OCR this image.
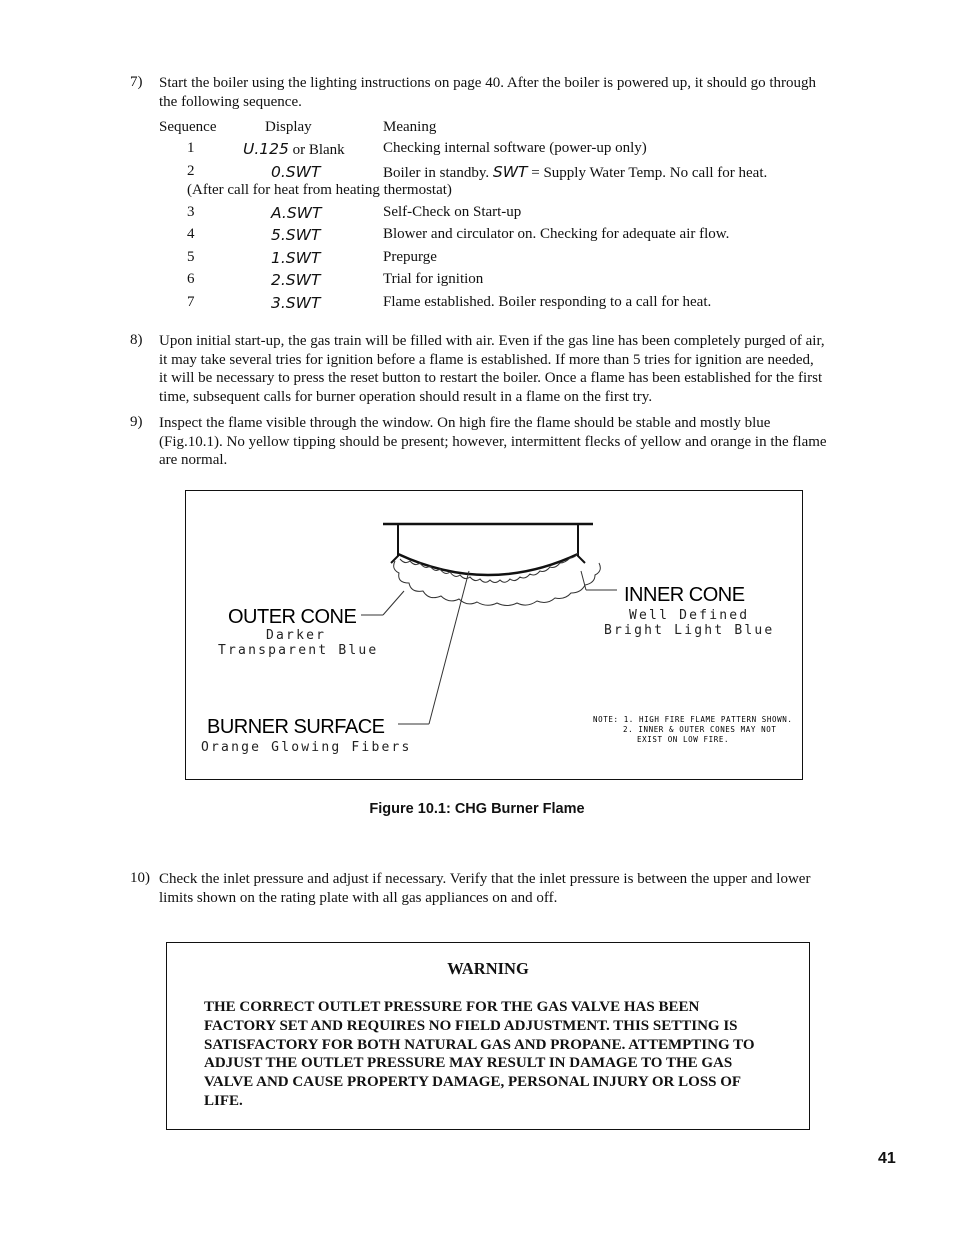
7) Start the boiler using the lighting instructions on page 40. After the boiler is powered up, it should go through
the following sequence.
Sequence	Display	Meaning
1	U.125 or Blank	Checking internal software (power-up only)
2	0.SWT	Boiler in standby. SWT = Supply Water Temp. No call for heat.
(After call for heat from heating thermostat)
3	A.SWT	Self-Check on Start-up
4	5.SWT	Blower and circulator on. Checking for adequate air flow.
5	1.SWT	Prepurge
6	2.SWT	Trial for ignition
7	3.SWT	Flame established. Boiler responding to a call for heat.
8) Upon initial start-up, the gas train will be filled with air. Even if the gas line has been completely purged of air,
it may take several tries for ignition before a flame is established. If more than 5 tries for ignition are needed,
it will be necessary to press the reset button to restart the boiler. Once a flame has been established for the first
time, subsequent calls for burner operation should result in a flame on the first try.
9) Inspect the flame visible through the window. On high fire the flame should be stable and mostly blue
(Fig.10.1). No yellow tipping should be present; however, intermittent flecks of yellow and orange in the flame
are normal.
INNER CONE
Well Defined
Bright Light Blue
OUTER CONE
Darker
Transparent Blue
BURNER SURFACE
Orange Glowing Fibers
NOTE: 1. HIGH FIRE FLAME PATTERN SHOWN.
2. INNER & OUTER CONES MAY NOT
EXIST ON LOW FIRE.
Figure 10.1: CHG Burner Flame
10) Check the inlet pressure and adjust if necessary. Verify that the inlet pressure is between the upper and lower
limits shown on the rating plate with all gas appliances on and off.
WARNING
THE CORRECT OUTLET PRESSURE FOR THE GAS VALVE HAS BEEN
FACTORY SET AND REQUIRES NO FIELD ADJUSTMENT. THIS SETTING IS
SATISFACTORY FOR BOTH NATURAL GAS AND PROPANE. ATTEMPTING TO
ADJUST THE OUTLET PRESSURE MAY RESULT IN DAMAGE TO THE GAS
VALVE AND CAUSE PROPERTY DAMAGE, PERSONAL INJURY OR LOSS OF
LIFE.
41
